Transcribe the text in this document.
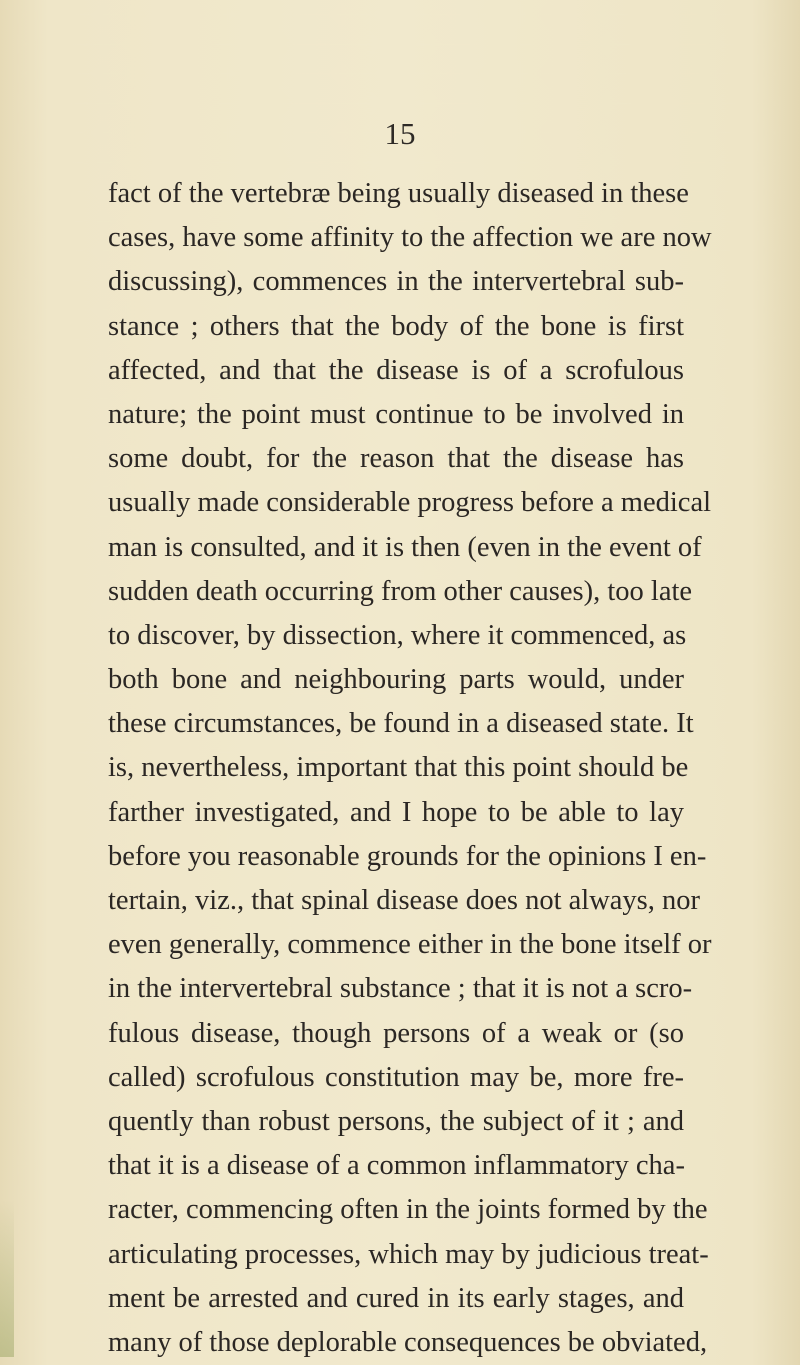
15
fact of the vertebræ being usually diseased in these
cases, have some affinity to the affection we are now
discussing), commences in the intervertebral sub-
stance ; others that the body of the bone is first
affected, and that the disease is of a scrofulous
nature; the point must continue to be involved in
some doubt, for the reason that the disease has
usually made considerable progress before a medical
man is consulted, and it is then (even in the event of
sudden death occurring from other causes), too late
to discover, by dissection, where it commenced, as
both bone and neighbouring parts would, under
these circumstances, be found in a diseased state. It
is, nevertheless, important that this point should be
farther investigated, and I hope to be able to lay
before you reasonable grounds for the opinions I en-
tertain, viz., that spinal disease does not always, nor
even generally, commence either in the bone itself or
in the intervertebral substance ; that it is not a scro-
fulous disease, though persons of a weak or (so
called) scrofulous constitution may be, more fre-
quently than robust persons, the subject of it ; and
that it is a disease of a common inflammatory cha-
racter, commencing often in the joints formed by the
articulating processes, which may by judicious treat-
ment be arrested and cured in its early stages, and
many of those deplorable consequences be obviated,
